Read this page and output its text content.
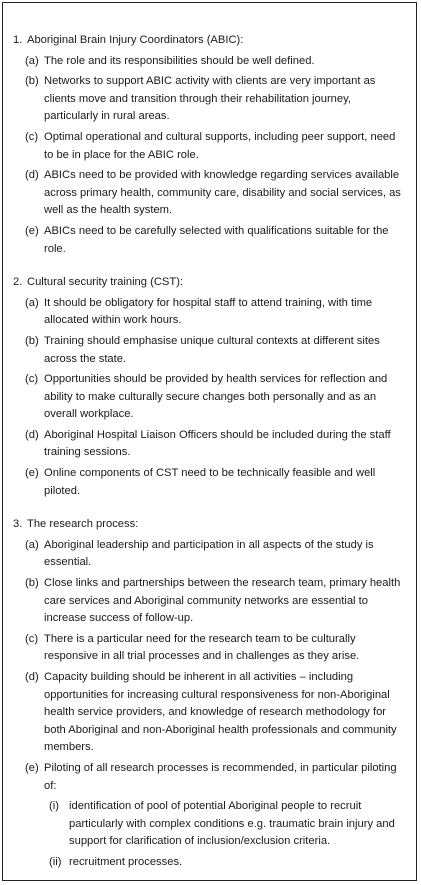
1. Aboriginal Brain Injury Coordinators (ABIC):
(a) The role and its responsibilities should be well defined.
(b) Networks to support ABIC activity with clients are very important as clients move and transition through their rehabilitation journey, particularly in rural areas.
(c) Optimal operational and cultural supports, including peer support, need to be in place for the ABIC role.
(d) ABICs need to be provided with knowledge regarding services available across primary health, community care, disability and social services, as well as the health system.
(e) ABICs need to be carefully selected with qualifications suitable for the role.
2. Cultural security training (CST):
(a) It should be obligatory for hospital staff to attend training, with time allocated within work hours.
(b) Training should emphasise unique cultural contexts at different sites across the state.
(c) Opportunities should be provided by health services for reflection and ability to make culturally secure changes both personally and as an overall workplace.
(d) Aboriginal Hospital Liaison Officers should be included during the staff training sessions.
(e) Online components of CST need to be technically feasible and well piloted.
3. The research process:
(a) Aboriginal leadership and participation in all aspects of the study is essential.
(b) Close links and partnerships between the research team, primary health care services and Aboriginal community networks are essential to increase success of follow-up.
(c) There is a particular need for the research team to be culturally responsive in all trial processes and in challenges as they arise.
(d) Capacity building should be inherent in all activities – including opportunities for increasing cultural responsiveness for non-Aboriginal health service providers, and knowledge of research methodology for both Aboriginal and non-Aboriginal health professionals and community members.
(e) Piloting of all research processes is recommended, in particular piloting of:
(i) identification of pool of potential Aboriginal people to recruit particularly with complex conditions e.g. traumatic brain injury and support for clarification of inclusion/exclusion criteria.
(ii) recruitment processes.
